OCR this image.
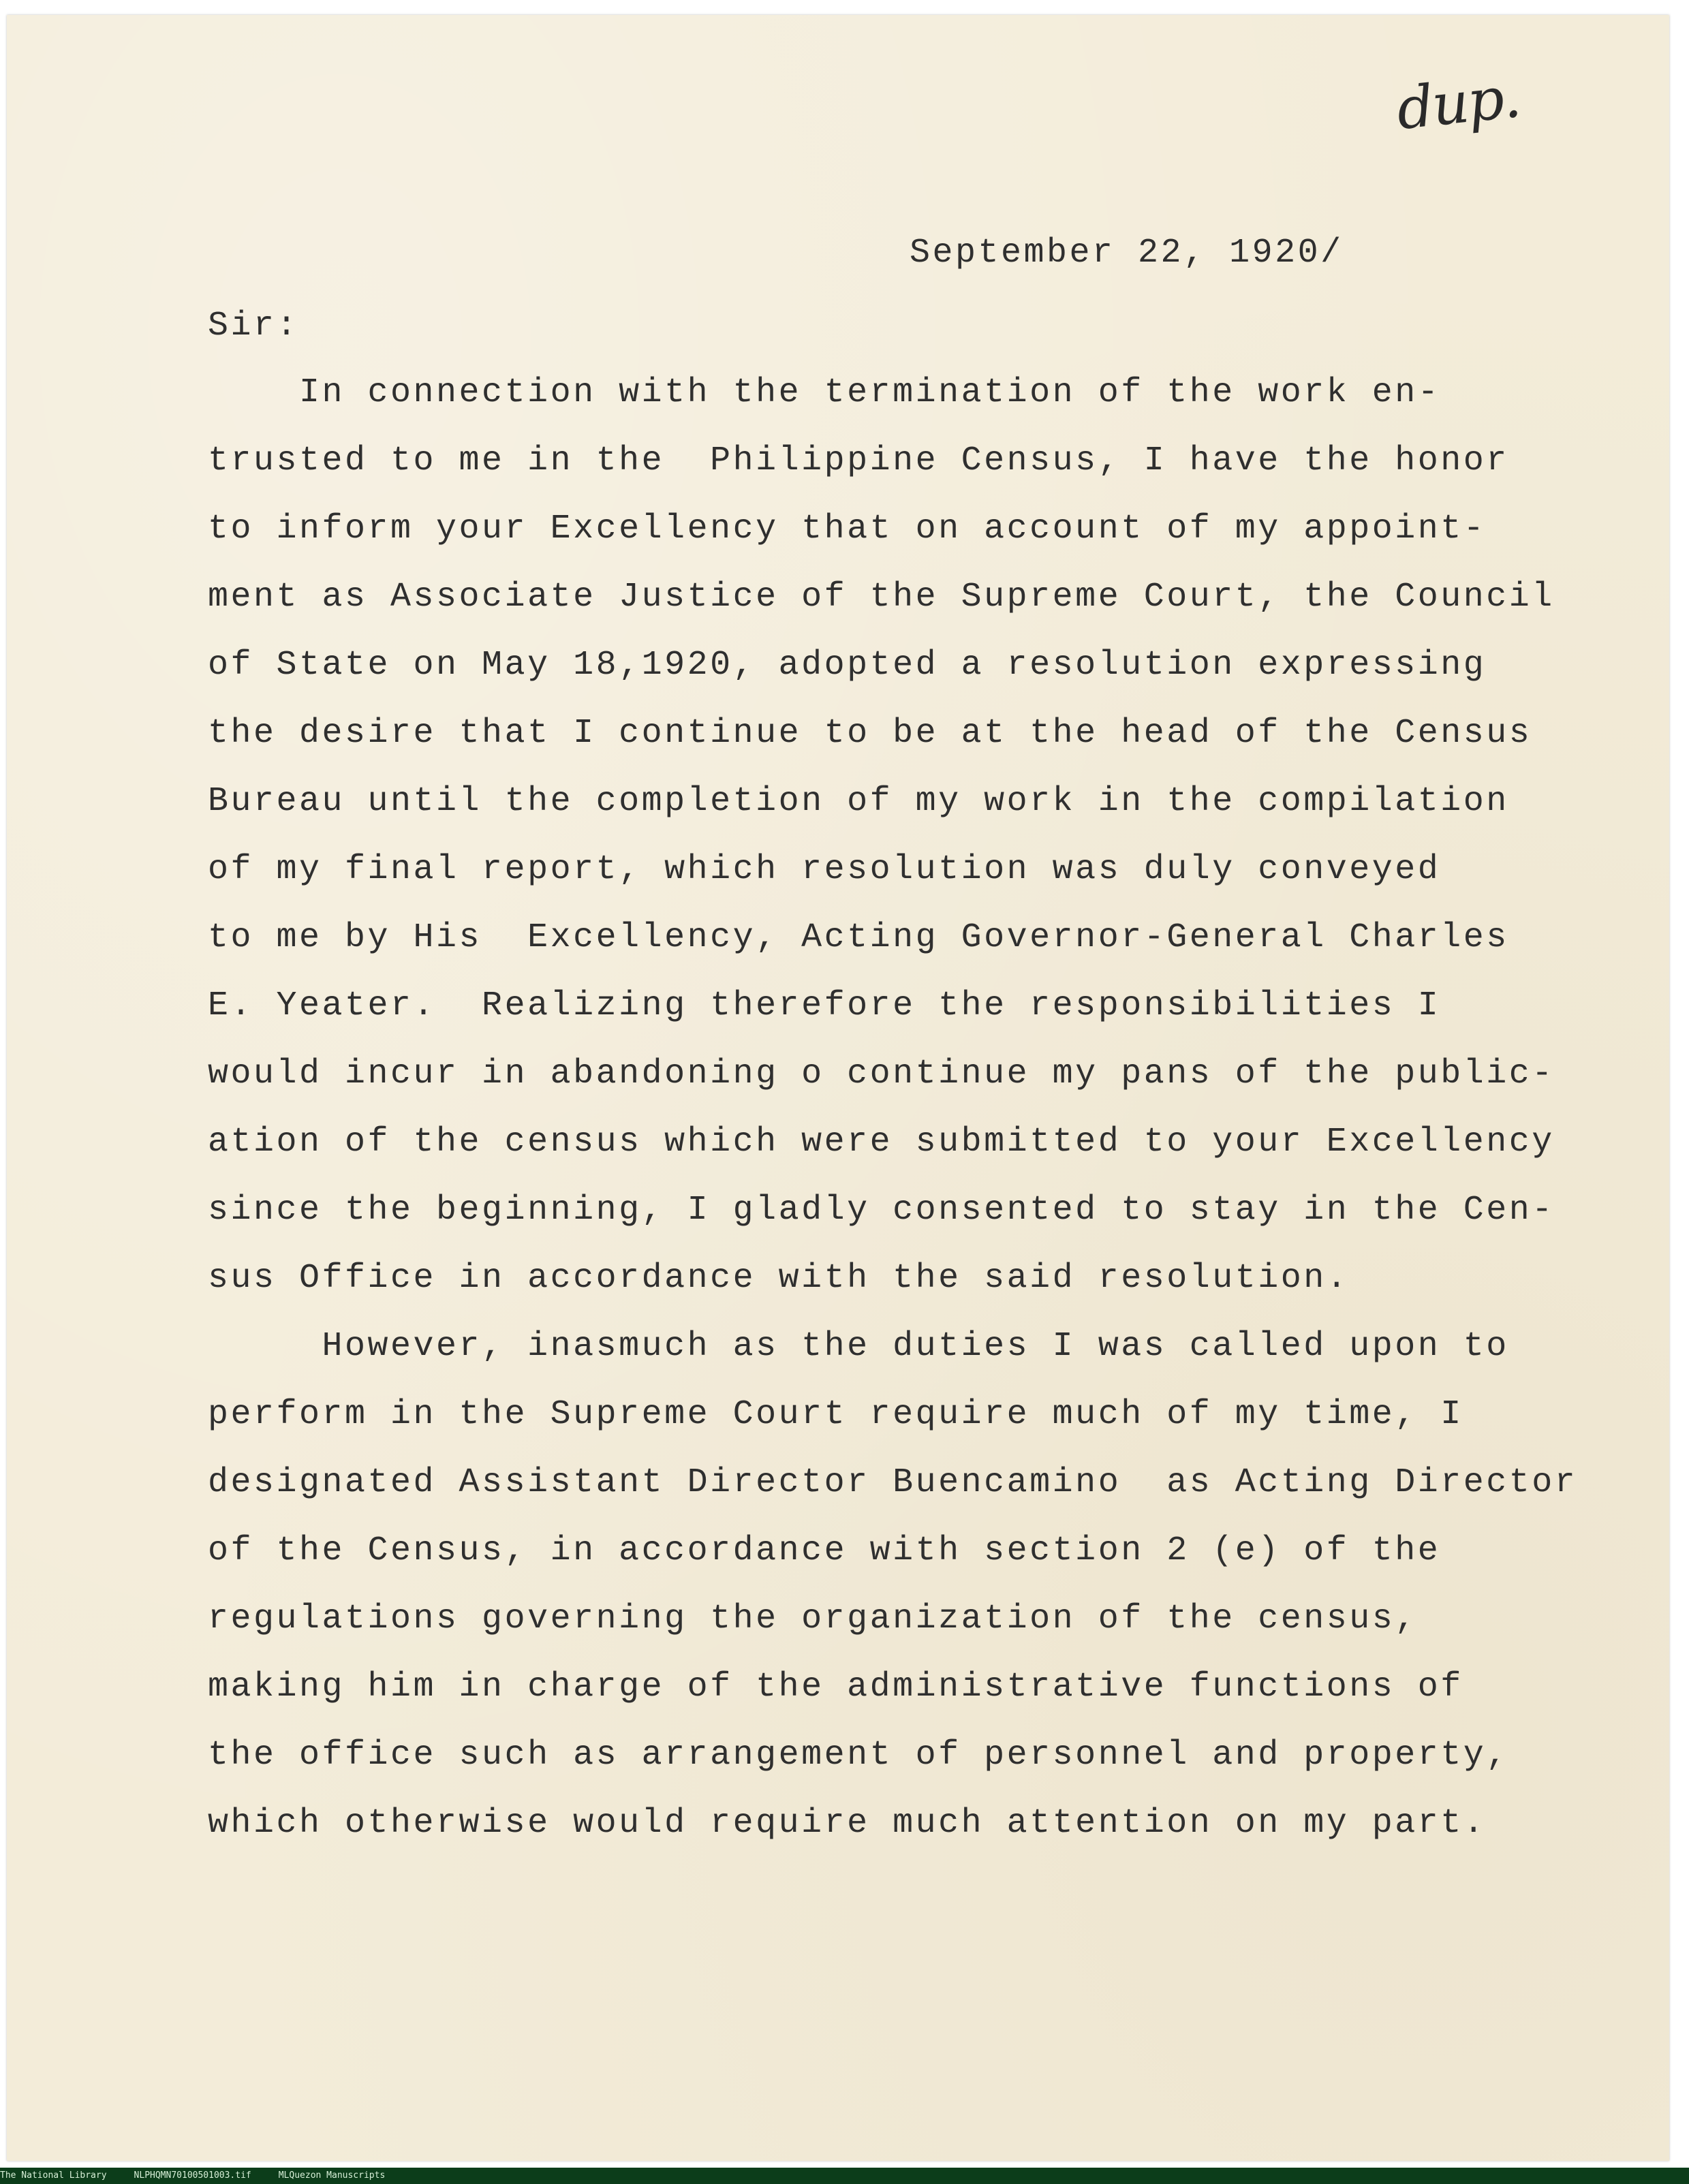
dup.
September 22, 1920/
Sir:
In connection with the termination of the work en-
trusted to me in the  Philippine Census, I have the honor
to inform your Excellency that on account of my appoint-
ment as Associate Justice of the Supreme Court, the Council
of State on May 18,1920, adopted a resolution expressing
the desire that I continue to be at the head of the Census
Bureau until the completion of my work in the compilation
of my final report, which resolution was duly conveyed
to me by His  Excellency, Acting Governor-General Charles
E. Yeater.  Realizing therefore the responsibilities I
would incur in abandoning o continue my pans of the public-
ation of the census which were submitted to your Excellency
since the beginning, I gladly consented to stay in the Cen-
sus Office in accordance with the said resolution.
However, inasmuch as the duties I was called upon to
perform in the Supreme Court require much of my time, I
designated Assistant Director Buencamino  as Acting Director
of the Census, in accordance with section 2 (e) of the
regulations governing the organization of the census,
making him in charge of the administrative functions of
the office such as arrangement of personnel and property,
which otherwise would require much attention on my part.
The National Library	NLPHQMN70100501003.tif	MLQuezon Manuscripts
